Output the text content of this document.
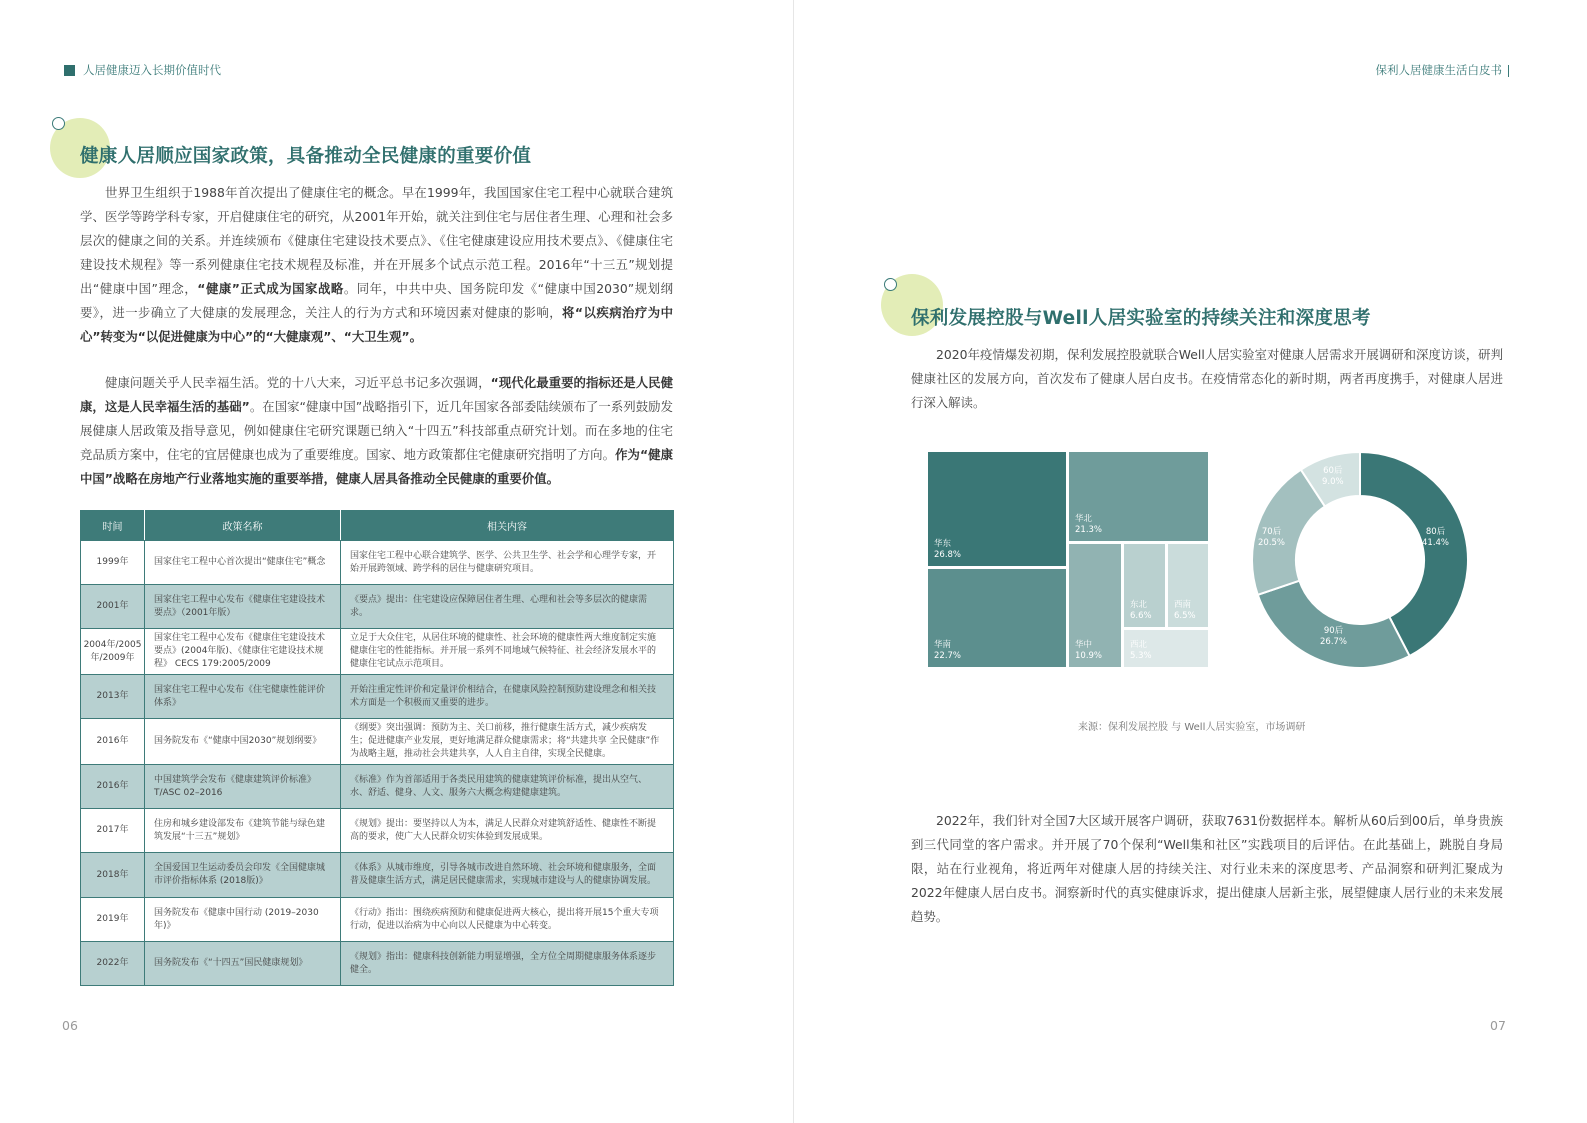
人居健康迈入长期价值时代
健康人居顺应国家政策，具备推动全民健康的重要价值

世界卫生组织于1988年首次提出了健康住宅的概念。早在1999年，我国国家住宅工程中心就联合建筑学、医学等跨学科专家，开启健康住宅的研究，从2001年开始，就关注到住宅与居住者生理、心理和社会多层次的健康之间的关系。并连续颁布《健康住宅建设技术要点》、《住宅健康建设应用技术要点》、《健康住宅建设技术规程》等一系列健康住宅技术规程及标准，并在开展多个试点示范工程。2016年“十三五”规划提出“健康中国”理念，“健康”正式成为国家战略。同年，中共中央、国务院印发《“健康中国2030”规划纲要》，进一步确立了大健康的发展理念，关注人的行为方式和环境因素对健康的影响，将“以疾病治疗为中心”转变为“以促进健康为中心”的“大健康观”、“大卫生观”。

健康问题关乎人民幸福生活。党的十八大来，习近平总书记多次强调，“现代化最重要的指标还是人民健康，这是人民幸福生活的基础”。在国家“健康中国”战略指引下，近几年国家各部委陆续颁布了一系列鼓励发展健康人居政策及指导意见，例如健康住宅研究课题已纳入“十四五”科技部重点研究计划。而在多地的住宅竞品质方案中，住宅的宜居健康也成为了重要维度。国家、地方政策都住宅健康研究指明了方向。作为“健康中国”战略在房地产行业落地实施的重要举措，健康人居具备推动全民健康的重要价值。

时间	政策名称	相关内容
1999年	国家住宅工程中心首次提出“健康住宅”概念	国家住宅工程中心联合建筑学、医学、公共卫生学、社会学和心理学专家，开始开展跨领域、跨学科的居住与健康研究项目。
2001年	国家住宅工程中心发布《健康住宅建设技术要点》（2001年版）	《要点》提出：住宅建设应保障居住者生理、心理和社会等多层次的健康需求。
2004年/2005年/2009年	国家住宅工程中心发布《健康住宅建设技术要点》(2004年版)、《健康住宅建设技术规程》 CECS 179:2005/2009	立足于大众住宅，从居住环境的健康性、社会环境的健康性两大维度制定实施健康住宅的性能指标。并开展一系列不同地域气候特征、社会经济发展水平的健康住宅试点示范项目。
2013年	国家住宅工程中心发布《住宅健康性能评价体系》	开始注重定性评价和定量评价相结合，在健康风险控制预防建设理念和相关技术方面是一个积极而又重要的进步。
2016年	国务院发布《“健康中国2030”规划纲要》	《纲要》突出强调：预防为主、关口前移，推行健康生活方式，减少疾病发生；促进健康产业发展，更好地满足群众健康需求；将“共建共享 全民健康”作为战略主题，推动社会共建共享，人人自主自律，实现全民健康。
2016年	中国建筑学会发布《健康建筑评价标准》T/ASC 02–2016	《标准》作为首部适用于各类民用建筑的健康建筑评价标准，提出从空气、水、舒适、健身、人文、服务六大概念构建健康建筑。
2017年	住房和城乡建设部发布《建筑节能与绿色建筑发展“十三五”规划》	《规划》提出：要坚持以人为本，满足人民群众对建筑舒适性、健康性不断提高的要求，使广大人民群众切实体验到发展成果。
2018年	全国爱国卫生运动委员会印发《全国健康城市评价指标体系 (2018版)》	《体系》从城市维度，引导各城市改进自然环境、社会环境和健康服务，全面普及健康生活方式，满足居民健康需求，实现城市建设与人的健康协调发展。
2019年	国务院发布《健康中国行动 (2019–2030年)》	《行动》指出：围绕疾病预防和健康促进两大核心，提出将开展15个重大专项行动，促进以治病为中心向以人民健康为中心转变。
2022年	国务院发布《“十四五”国民健康规划》	《规划》指出：健康科技创新能力明显增强，全方位全周期健康服务体系逐步健全。
06
保利人居健康生活白皮书
保利发展控股与Well人居实验室的持续关注和深度思考

2020年疫情爆发初期，保利发展控股就联合Well人居实验室对健康人居需求开展调研和深度访谈，研判健康社区的发展方向，首次发布了健康人居白皮书。在疫情常态化的新时期，两者再度携手，对健康人居进行深入解读。

华东
26.8%
华北
21.3%
华南
22.7%
华中
10.9%
东北
6.6%
西南
6.5%
西北
5.3%
80后
41.4%
90后
26.7%
70后
20.5%
60后
9.0%
来源：保利发展控股 与 Well人居实验室，市场调研

2022年，我们针对全国7大区域开展客户调研，获取7631份数据样本。解析从60后到00后，单身贵族到三代同堂的客户需求。并开展了70个保利“Well集和社区”实践项目的后评估。在此基础上，跳脱自身局限，站在行业视角，将近两年对健康人居的持续关注、对行业未来的深度思考、产品洞察和研判汇聚成为2022年健康人居白皮书。洞察新时代的真实健康诉求，提出健康人居新主张，展望健康人居行业的未来发展趋势。

07
